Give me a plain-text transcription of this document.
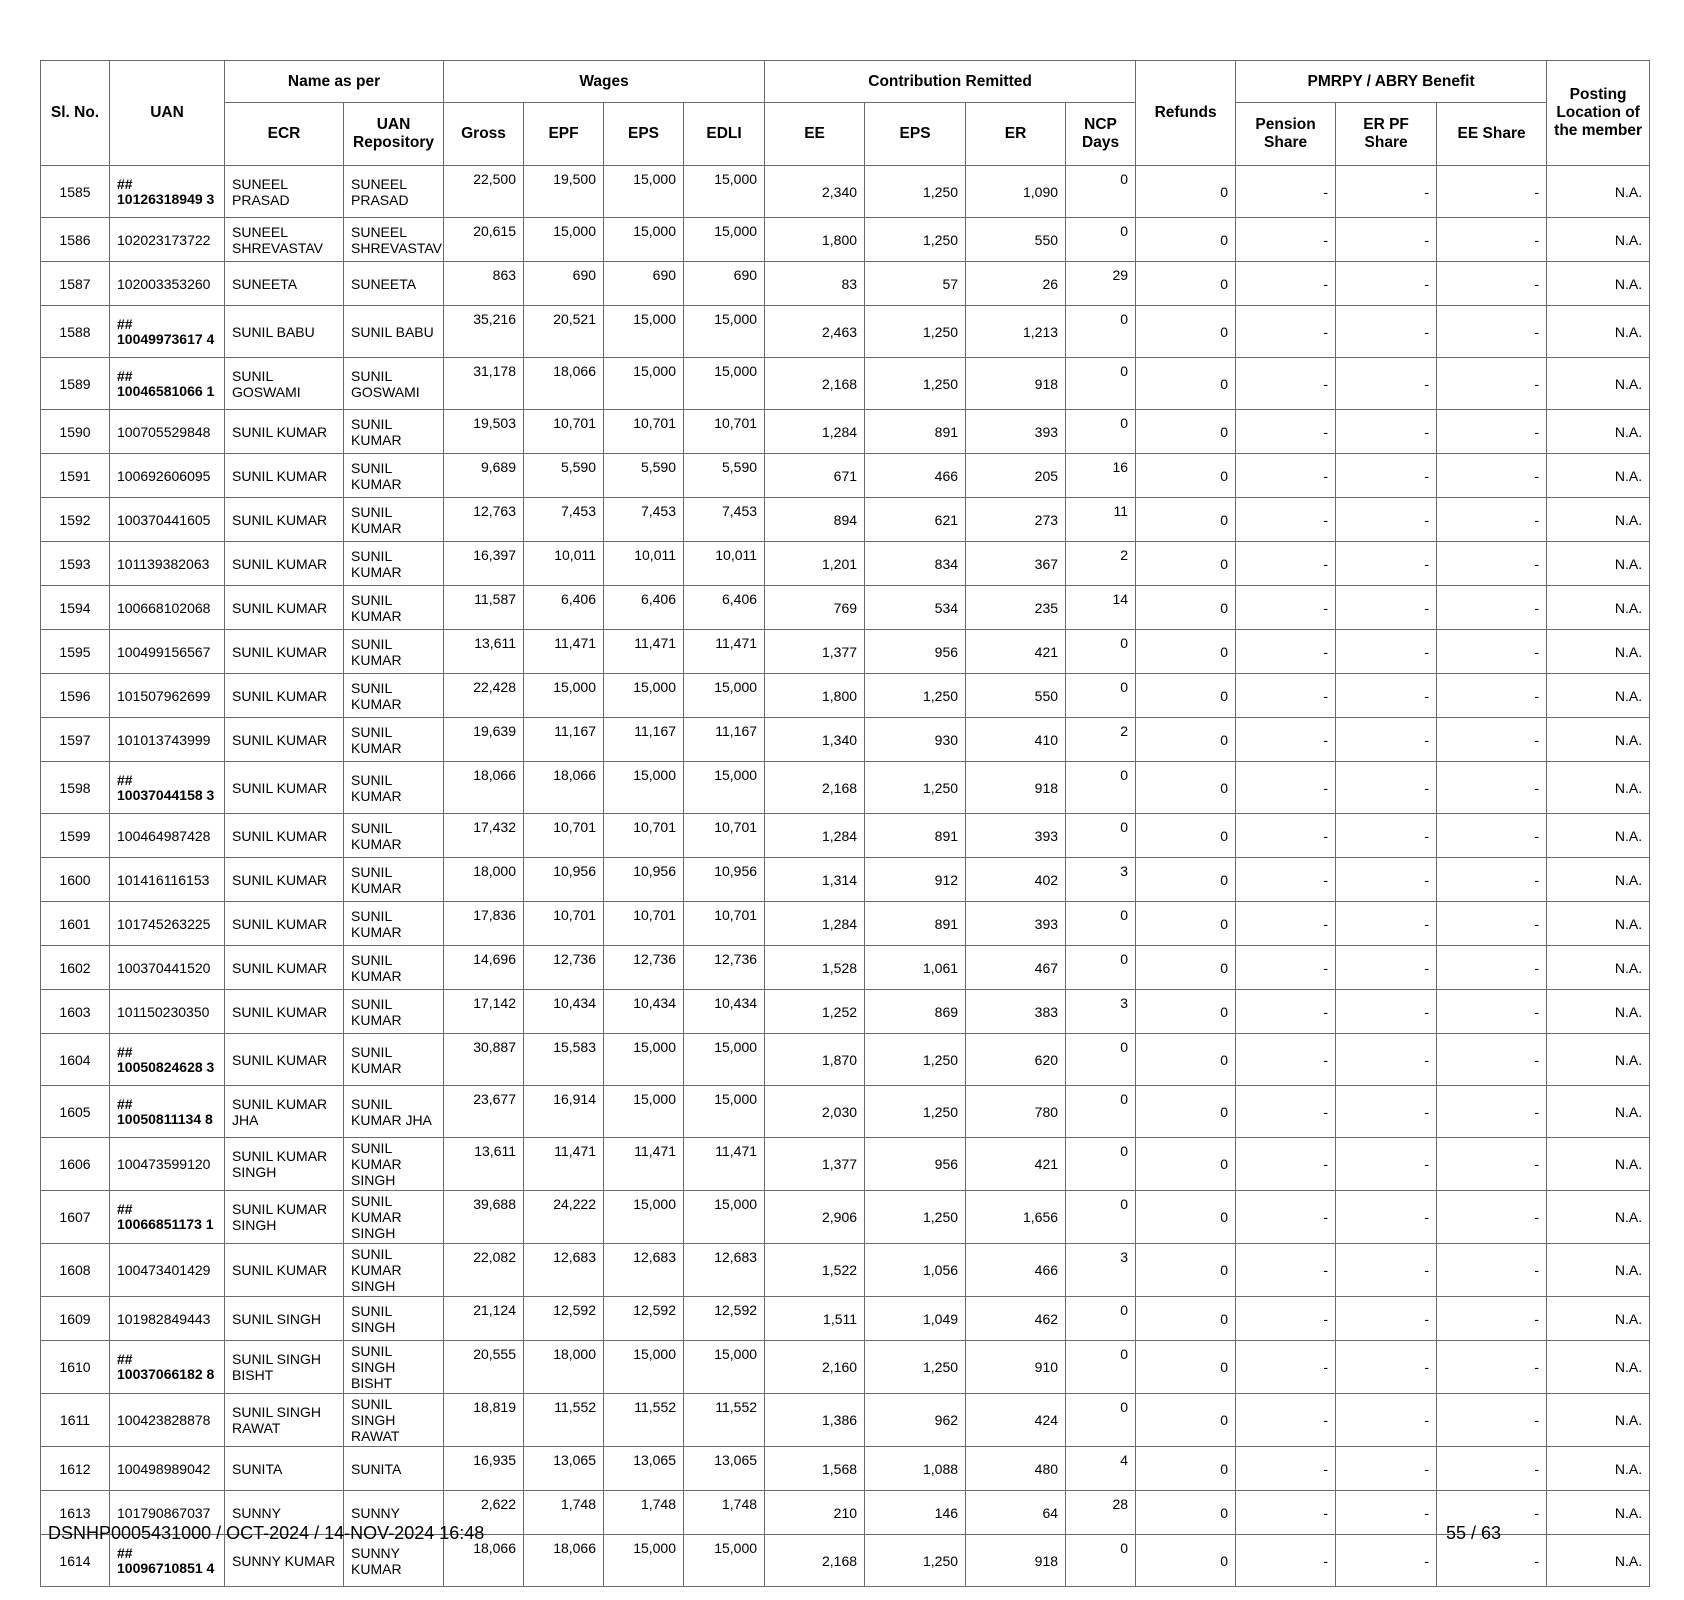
Sl. No.	UAN	Name as per		Wages				Contribution Remitted				Refunds	PMRPY / ABRY Benefit			Posting Location of the member
		ECR	UAN Repository	Gross	EPF	EPS	EDLI	EE	EPS	ER	NCP Days		Pension Share	ER PF Share	EE Share	
1585	## 10126318949 3	SUNEEL PRASAD	SUNEEL PRASAD	22,500	19,500	15,000	15,000	2,340	1,250	1,090	0	0	-	-	-	N.A.
1586	102023173722	SUNEEL SHREVASTAV	SUNEEL SHREVASTAV	20,615	15,000	15,000	15,000	1,800	1,250	550	0	0	-	-	-	N.A.
1587	102003353260	SUNEETA	SUNEETA	863	690	690	690	83	57	26	29	0	-	-	-	N.A.
1588	## 10049973617 4	SUNIL BABU	SUNIL BABU	35,216	20,521	15,000	15,000	2,463	1,250	1,213	0	0	-	-	-	N.A.
1589	## 10046581066 1	SUNIL GOSWAMI	SUNIL GOSWAMI	31,178	18,066	15,000	15,000	2,168	1,250	918	0	0	-	-	-	N.A.
1590	100705529848	SUNIL KUMAR	SUNIL KUMAR	19,503	10,701	10,701	10,701	1,284	891	393	0	0	-	-	-	N.A.
1591	100692606095	SUNIL KUMAR	SUNIL KUMAR	9,689	5,590	5,590	5,590	671	466	205	16	0	-	-	-	N.A.
1592	100370441605	SUNIL KUMAR	SUNIL KUMAR	12,763	7,453	7,453	7,453	894	621	273	11	0	-	-	-	N.A.
1593	101139382063	SUNIL KUMAR	SUNIL KUMAR	16,397	10,011	10,011	10,011	1,201	834	367	2	0	-	-	-	N.A.
1594	100668102068	SUNIL KUMAR	SUNIL KUMAR	11,587	6,406	6,406	6,406	769	534	235	14	0	-	-	-	N.A.
1595	100499156567	SUNIL KUMAR	SUNIL KUMAR	13,611	11,471	11,471	11,471	1,377	956	421	0	0	-	-	-	N.A.
1596	101507962699	SUNIL KUMAR	SUNIL KUMAR	22,428	15,000	15,000	15,000	1,800	1,250	550	0	0	-	-	-	N.A.
1597	101013743999	SUNIL KUMAR	SUNIL KUMAR	19,639	11,167	11,167	11,167	1,340	930	410	2	0	-	-	-	N.A.
1598	## 10037044158 3	SUNIL KUMAR	SUNIL KUMAR	18,066	18,066	15,000	15,000	2,168	1,250	918	0	0	-	-	-	N.A.
1599	100464987428	SUNIL KUMAR	SUNIL KUMAR	17,432	10,701	10,701	10,701	1,284	891	393	0	0	-	-	-	N.A.
1600	101416116153	SUNIL KUMAR	SUNIL KUMAR	18,000	10,956	10,956	10,956	1,314	912	402	3	0	-	-	-	N.A.
1601	101745263225	SUNIL KUMAR	SUNIL KUMAR	17,836	10,701	10,701	10,701	1,284	891	393	0	0	-	-	-	N.A.
1602	100370441520	SUNIL KUMAR	SUNIL KUMAR	14,696	12,736	12,736	12,736	1,528	1,061	467	0	0	-	-	-	N.A.
1603	101150230350	SUNIL KUMAR	SUNIL KUMAR	17,142	10,434	10,434	10,434	1,252	869	383	3	0	-	-	-	N.A.
1604	## 10050824628 3	SUNIL KUMAR	SUNIL KUMAR	30,887	15,583	15,000	15,000	1,870	1,250	620	0	0	-	-	-	N.A.
1605	## 10050811134 8	SUNIL KUMAR JHA	SUNIL KUMAR JHA	23,677	16,914	15,000	15,000	2,030	1,250	780	0	0	-	-	-	N.A.
1606	100473599120	SUNIL KUMAR SINGH	SUNIL KUMAR SINGH	13,611	11,471	11,471	11,471	1,377	956	421	0	0	-	-	-	N.A.
1607	## 10066851173 1	SUNIL KUMAR SINGH	SUNIL KUMAR SINGH	39,688	24,222	15,000	15,000	2,906	1,250	1,656	0	0	-	-	-	N.A.
1608	100473401429	SUNIL KUMAR	SUNIL KUMAR SINGH	22,082	12,683	12,683	12,683	1,522	1,056	466	3	0	-	-	-	N.A.
1609	101982849443	SUNIL SINGH	SUNIL SINGH	21,124	12,592	12,592	12,592	1,511	1,049	462	0	0	-	-	-	N.A.
1610	## 10037066182 8	SUNIL SINGH BISHT	SUNIL SINGH BISHT	20,555	18,000	15,000	15,000	2,160	1,250	910	0	0	-	-	-	N.A.
1611	100423828878	SUNIL SINGH RAWAT	SUNIL SINGH RAWAT	18,819	11,552	11,552	11,552	1,386	962	424	0	0	-	-	-	N.A.
1612	100498989042	SUNITA	SUNITA	16,935	13,065	13,065	13,065	1,568	1,088	480	4	0	-	-	-	N.A.
1613	101790867037	SUNNY	SUNNY	2,622	1,748	1,748	1,748	210	146	64	28	0	-	-	-	N.A.
1614	## 10096710851 4	SUNNY KUMAR	SUNNY KUMAR	18,066	18,066	15,000	15,000	2,168	1,250	918	0	0	-	-	-	N.A.
DSNHP0005431000 / OCT-2024 / 14-NOV-2024 16:48	55 / 63
